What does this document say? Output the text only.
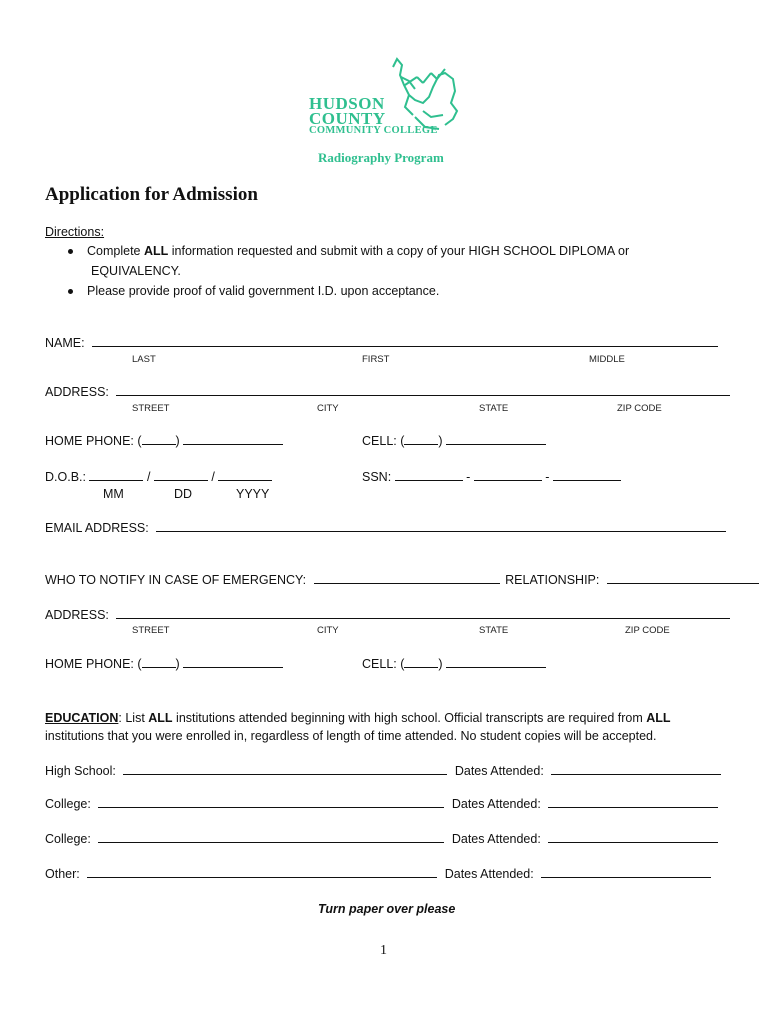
HUDSON
COUNTY
COMMUNITY COLLEGE
Radiography Program
Application for Admission
Directions:
Complete ALL information requested and submit with a copy of your HIGH SCHOOL DIPLOMA or
EQUIVALENCY.
Please provide proof of valid government I.D. upon acceptance.
NAME:
LAST	FIRST	MIDDLE
ADDRESS:
STREET	CITY	STATE	ZIP CODE
HOME PHONE: (	)	CELL: (	)
D.O.B.:	/	/
MM	DD	YYYY
SSN:	-	-
EMAIL ADDRESS:
WHO TO NOTIFY IN CASE OF EMERGENCY:	RELATIONSHIP:
ADDRESS:
STREET	CITY	STATE	ZIP CODE
HOME PHONE: (	)	CELL: (	)
EDUCATION: List ALL institutions attended beginning with high school. Official transcripts are required from ALL
institutions that you were enrolled in, regardless of length of time attended. No student copies will be accepted.
High School:	Dates Attended:
College:	Dates Attended:
College:	Dates Attended:
Other:	Dates Attended:
Turn paper over please
1
